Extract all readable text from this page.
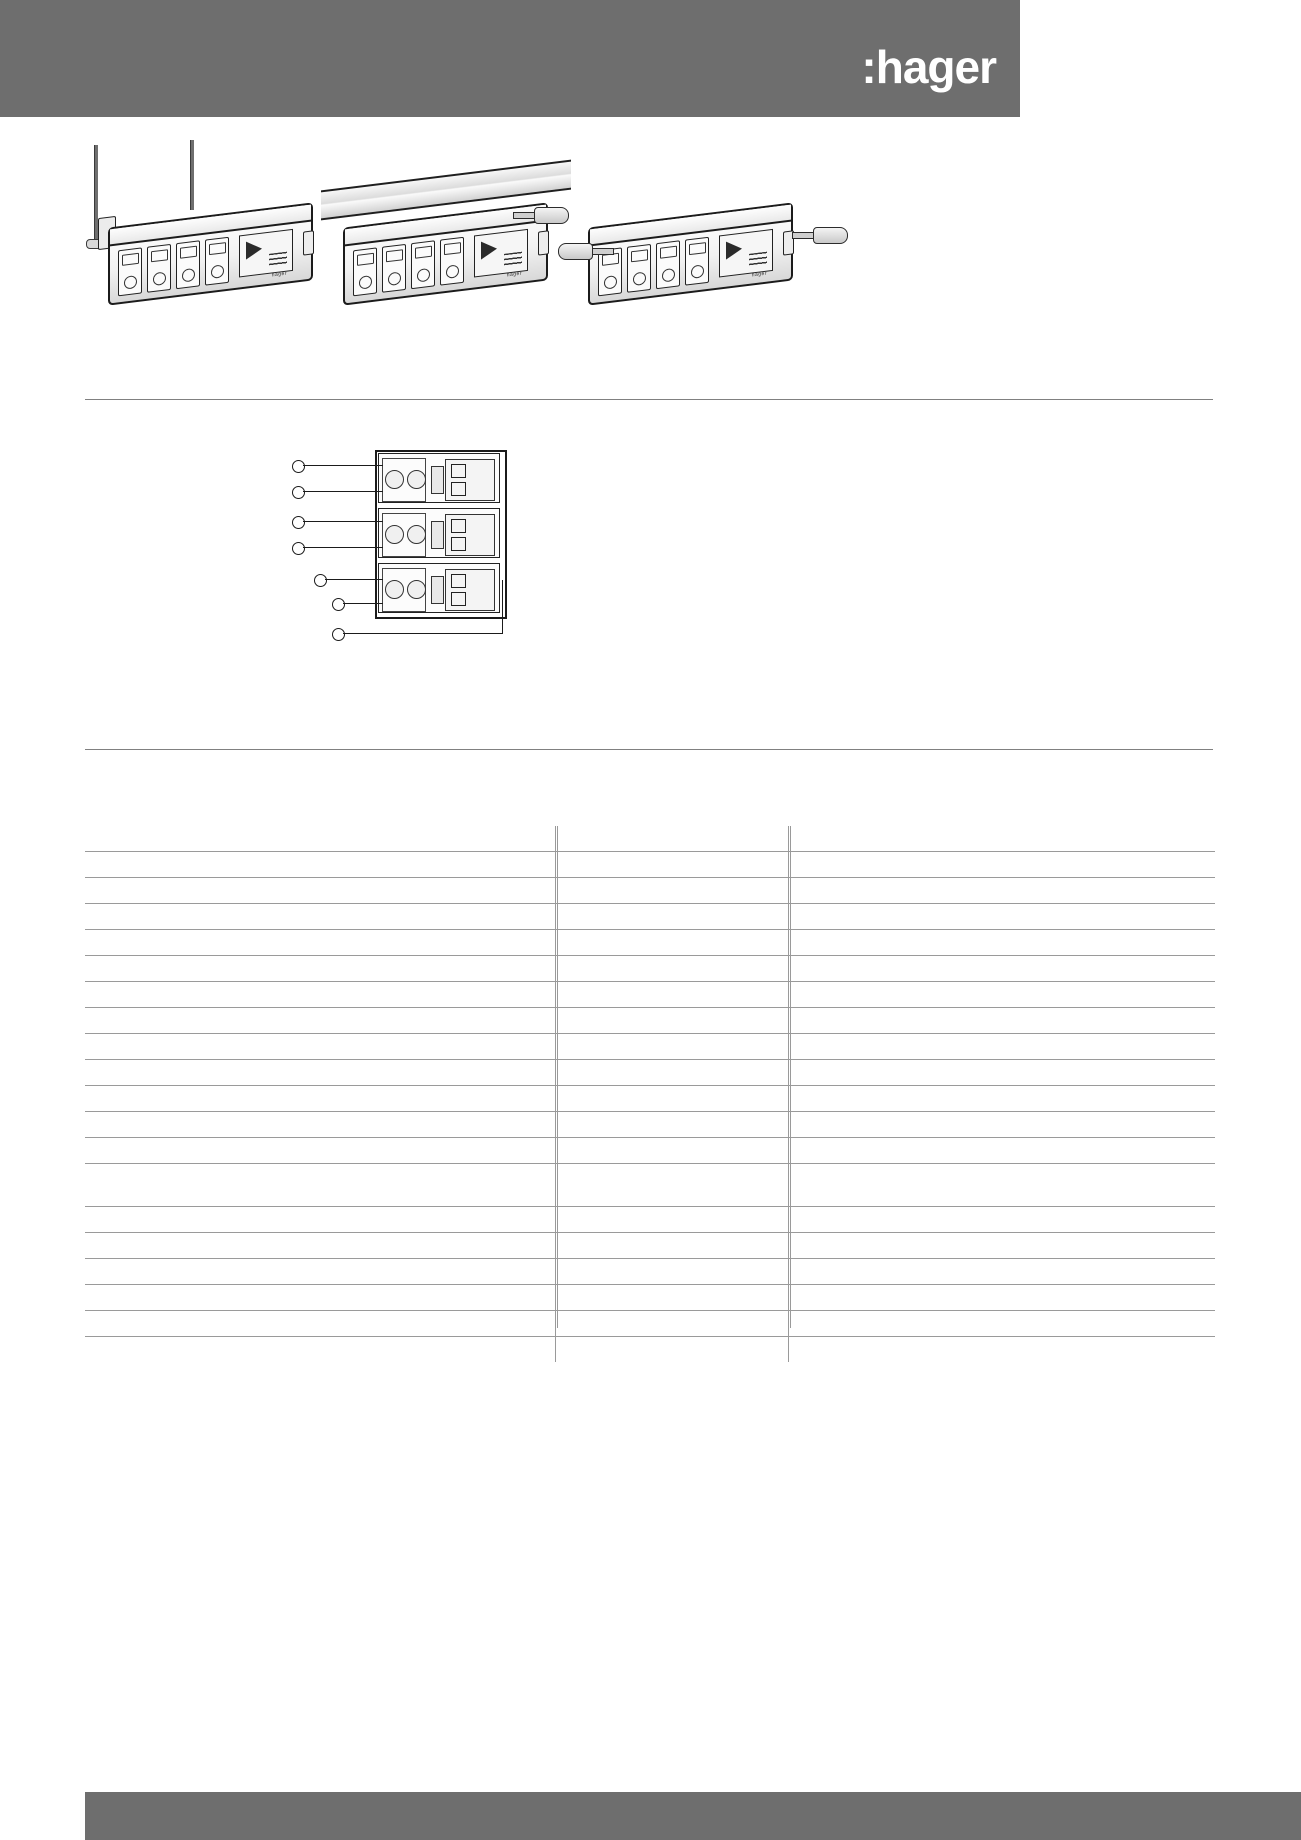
:hager
hager	hager	hager
